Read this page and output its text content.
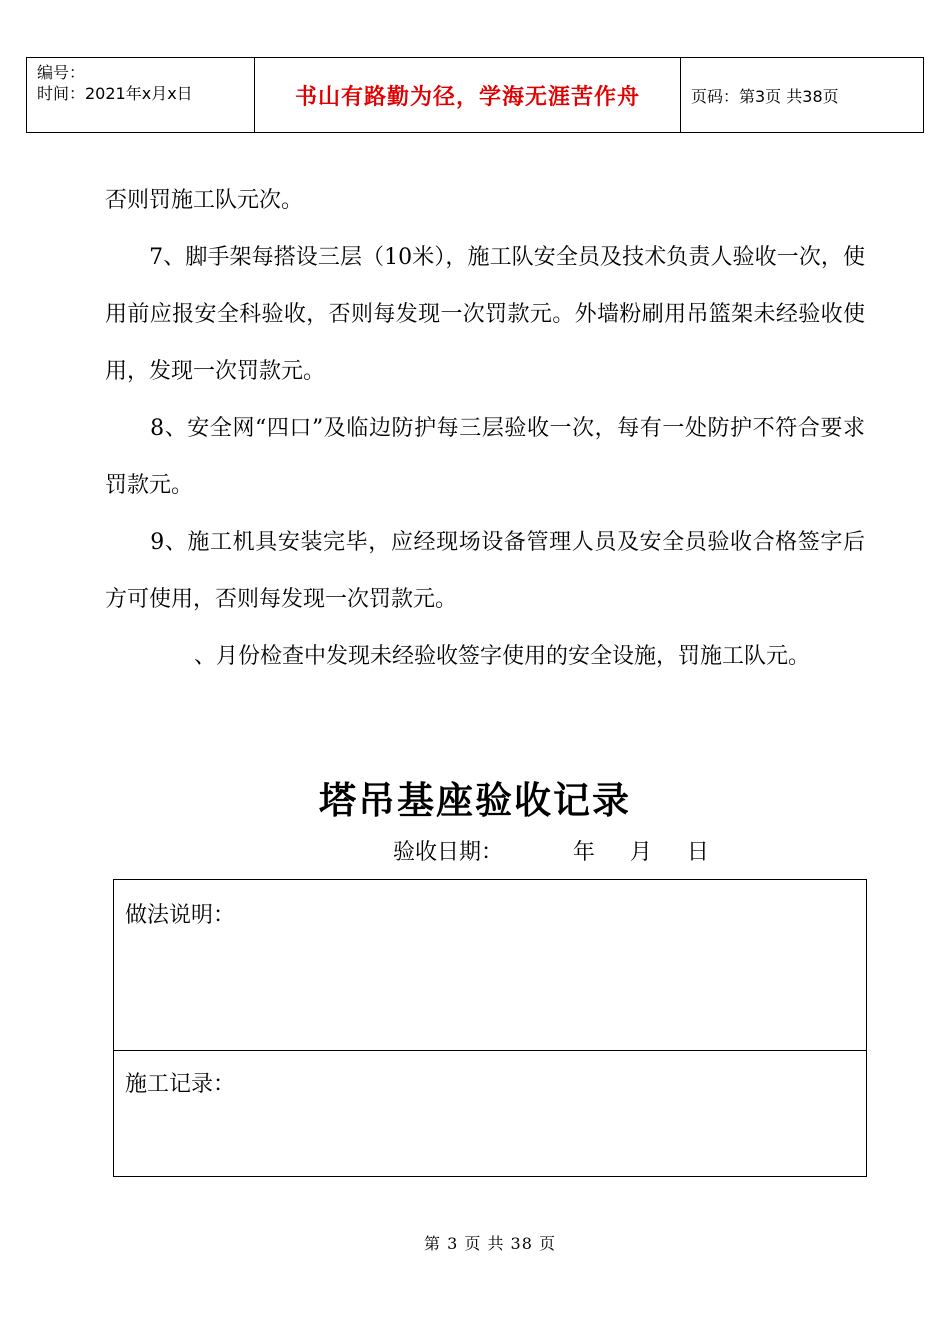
编号：
时间：2021年x月x日	书山有路勤为径，学海无涯苦作舟	页码：第3页 共38页

否则罚施工队元次。

　　7、脚手架每搭设三层（10米），施工队安全员及技术负责人验收一次，使用前应报安全科验收，否则每发现一次罚款元。外墙粉刷用吊篮架未经验收使用，发现一次罚款元。

　　8、安全网“四口”及临边防护每三层验收一次，每有一处防护不符合要求罚款元。

　　9、施工机具安装完毕，应经现场设备管理人员及安全员验收合格签字后方可使用，否则每发现一次罚款元。

　　、月份检查中发现未经验收签字使用的安全设施，罚施工队元。

塔吊基座验收记录
验收日期：          年     月     日
做法说明：
施工记录：
第 3 页 共 38 页
